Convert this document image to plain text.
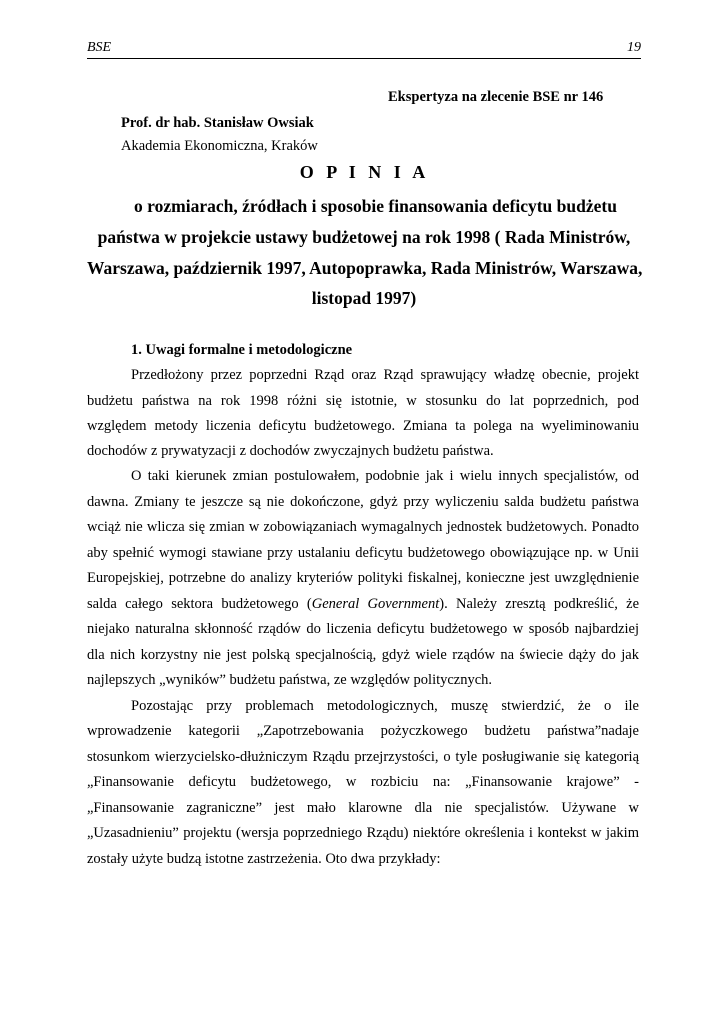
BSE	19
Ekspertyza na zlecenie BSE nr 146
Prof. dr hab. Stanisław Owsiak
Akademia Ekonomiczna, Kraków
O P I N I A
o rozmiarach, źródłach i sposobie finansowania deficytu budżetu
państwa w projekcie ustawy budżetowej na rok 1998 ( Rada Ministrów,
Warszawa, październik 1997, Autopoprawka, Rada Ministrów, Warszawa,
listopad 1997)
1. Uwagi formalne i metodologiczne
Przedłożony przez poprzedni Rząd oraz Rząd sprawujący władzę obecnie, projekt
budżetu państwa na rok 1998 różni się istotnie, w stosunku do lat poprzednich, pod
względem metody liczenia deficytu budżetowego. Zmiana ta polega na wyeliminowaniu
dochodów z prywatyzacji z dochodów zwyczajnych budżetu państwa.
O taki kierunek zmian postulowałem, podobnie jak i wielu innych specjalistów, od
dawna. Zmiany te jeszcze są nie dokończone, gdyż przy wyliczeniu salda budżetu państwa
wciąż nie wlicza się zmian w zobowiązaniach wymagalnych jednostek budżetowych. Ponadto
aby spełnić wymogi stawiane przy ustalaniu deficytu budżetowego obowiązujące np. w Unii
Europejskiej, potrzebne do analizy kryteriów polityki fiskalnej, konieczne jest uwzględnienie
salda całego sektora budżetowego (General Government). Należy zresztą podkreślić, że
niejako naturalna skłonność rządów do liczenia deficytu budżetowego w sposób najbardziej
dla nich korzystny nie jest polską specjalnością, gdyż wiele rządów na świecie dąży do jak
najlepszych „wyników” budżetu państwa, ze względów politycznych.
Pozostając przy problemach metodologicznych, muszę stwierdzić, że o ile
wprowadzenie kategorii „Zapotrzebowania pożyczkowego budżetu państwa”nadaje
stosunkom wierzycielsko-dłużniczym Rządu przejrzystości, o tyle posługiwanie się kategorią
„Finansowanie deficytu budżetowego, w rozbiciu na: „Finansowanie krajowe” -
„Finansowanie zagraniczne” jest mało klarowne dla nie specjalistów. Używane w
„Uzasadnieniu” projektu (wersja poprzedniego Rządu) niektóre określenia i kontekst w jakim
zostały użyte budzą istotne zastrzeżenia. Oto dwa przykłady:
